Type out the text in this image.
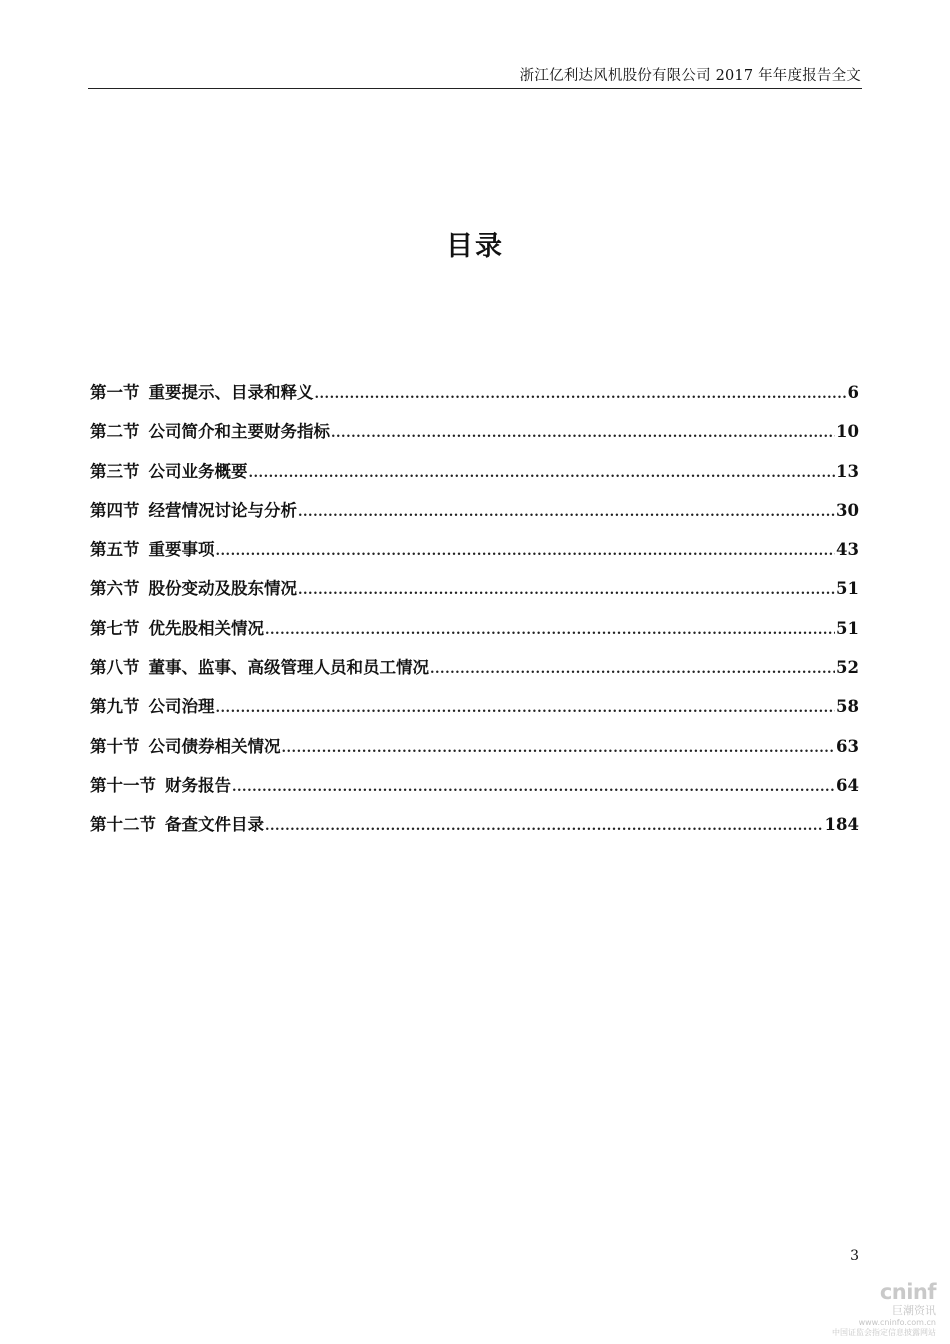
浙江亿利达风机股份有限公司 2017 年年度报告全文
目录
第一节 重要提示、目录和释义 .....	6
第二节 公司简介和主要财务指标 .....	10
第三节 公司业务概要 .....	13
第四节 经营情况讨论与分析 .....	30
第五节 重要事项 .....	43
第六节 股份变动及股东情况 .....	51
第七节 优先股相关情况 .....	51
第八节 董事、监事、高级管理人员和员工情况 .....	52
第九节 公司治理 .....	58
第十节 公司债券相关情况 .....	63
第十一节 财务报告 .....	64
第十二节 备查文件目录 .....	184
3
cninf
巨潮资讯
www.cninfo.com.cn
中国证监会指定信息披露网站
